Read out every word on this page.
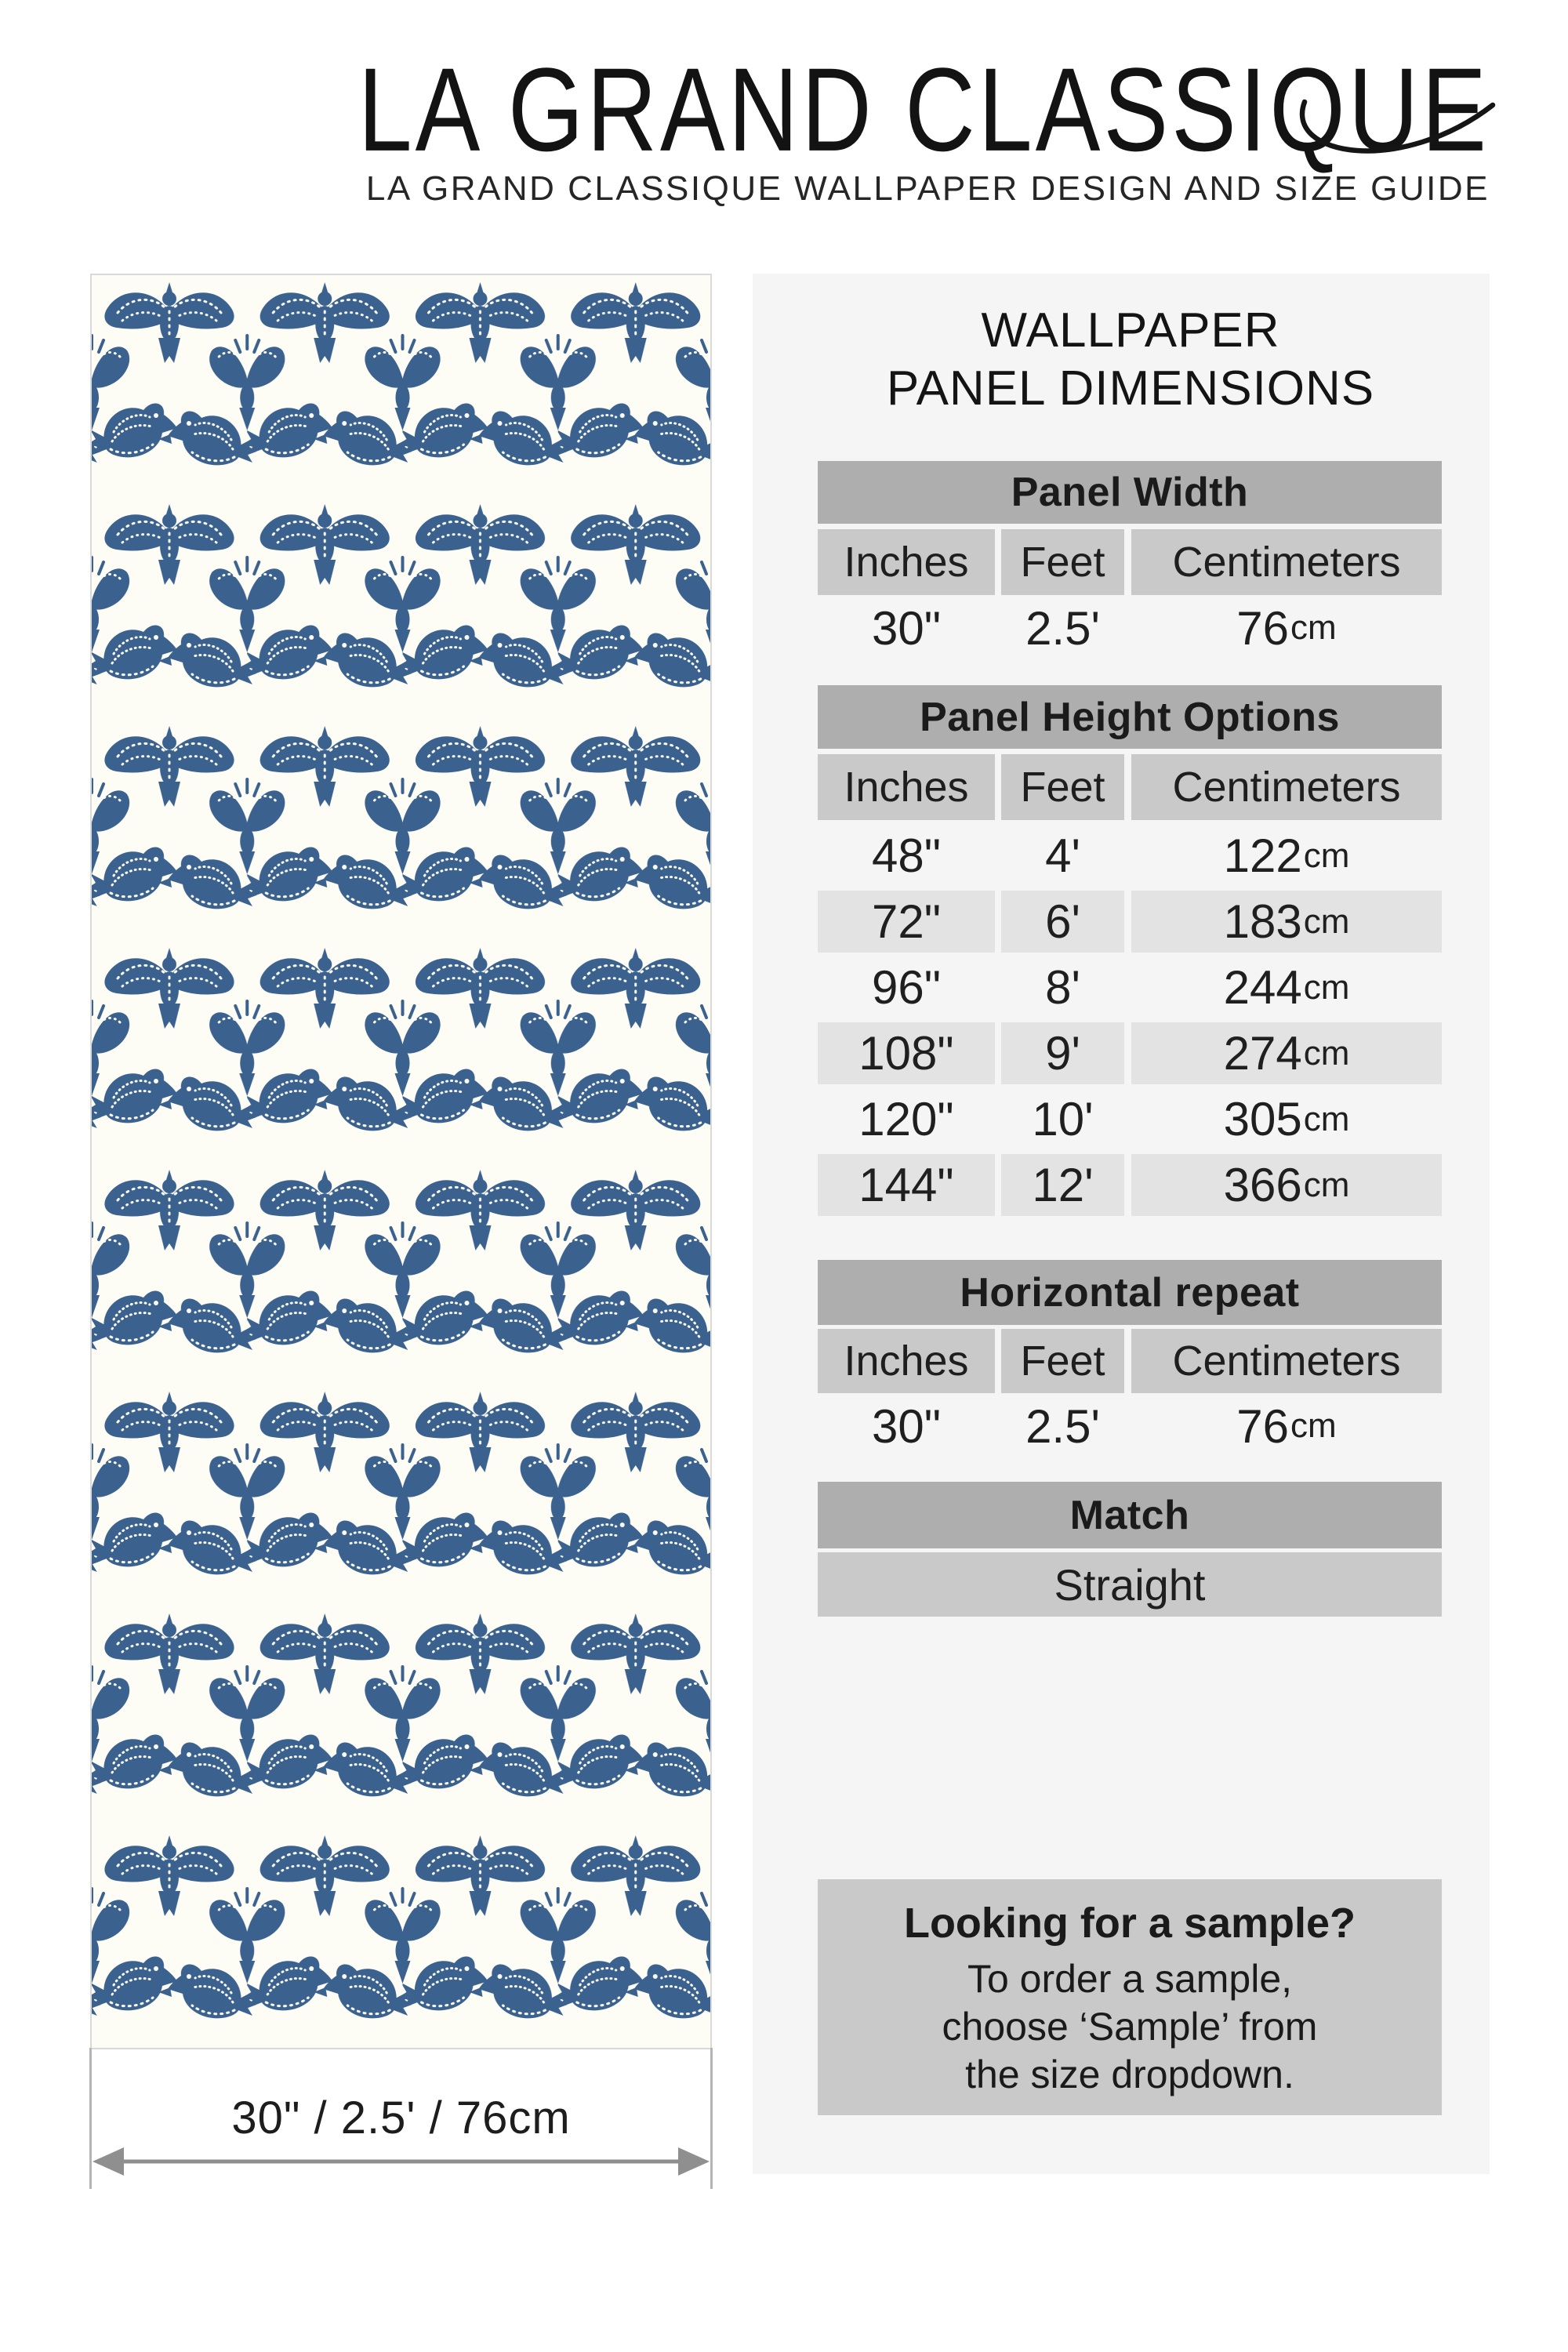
LA GRAND CLASSIQUE
LA GRAND CLASSIQUE WALLPAPER DESIGN AND SIZE GUIDE
30" / 2.5' / 76cm
WALLPAPER
PANEL DIMENSIONS
Panel Width
Inches	Feet	Centimeters
30"	2.5'	76 cm
Panel Height Options
Inches	Feet	Centimeters
48"	4'	122 cm
72"	6'	183 cm
96"	8'	244 cm
108"	9'	274 cm
120"	10'	305 cm
144"	12'	366 cm
Horizontal repeat
Inches	Feet	Centimeters
30"	2.5'	76 cm
Match
Straight

Looking for a sample?

To order a sample,

choose ‘Sample’ from

the size dropdown.
